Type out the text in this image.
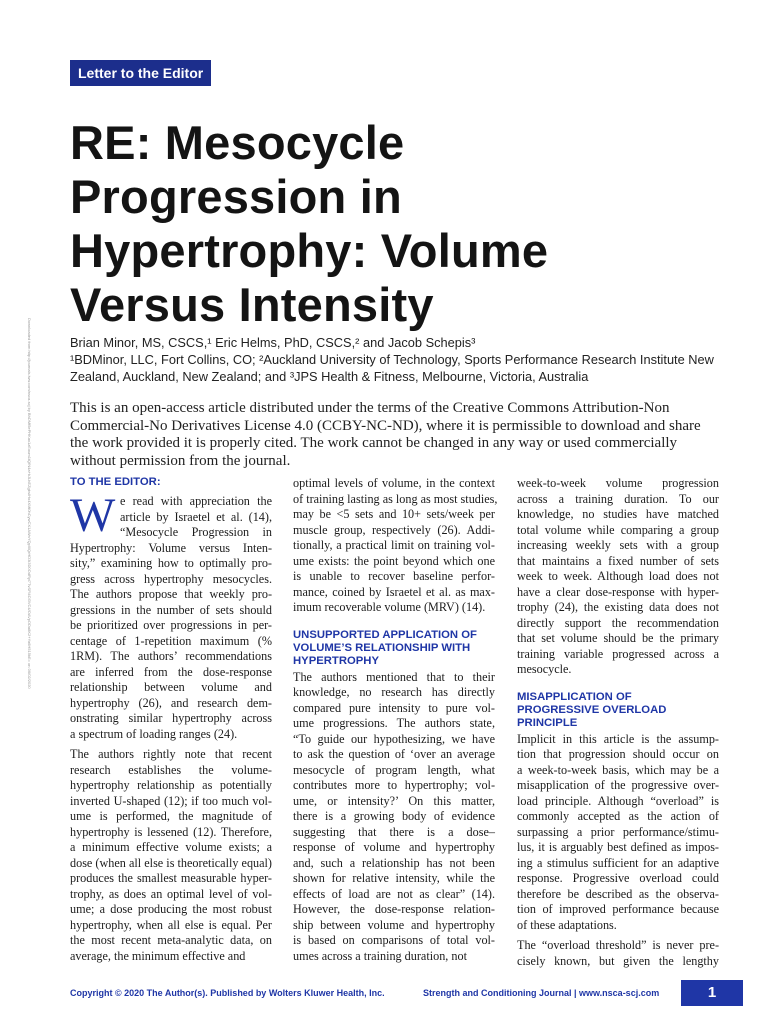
Letter to the Editor
RE: Mesocycle
Progression in
Hypertrophy: Volume
Versus Intensity
Downloaded from http://journals.lww.com/nsca-scj by BhDMf5ePHKav1zEoum1tQfN4a+kJLhEZgbsIHo4XMi0hCywCX1AWnYQp/IlQrHD3i3D0OdRyi7TvSFl4Cf3VC4/OAVpDDa8K2+Ya6H515kE= on 06/02/2020	Brian Minor, MS, CSCS,¹ Eric Helms, PhD, CSCS,² and Jacob Schepis³
¹BDMinor, LLC, Fort Collins, CO; ²Auckland University of Technology, Sports Performance Research Institute New
Zealand, Auckland, New Zealand; and ³JPS Health & Fitness, Melbourne, Victoria, Australia
This is an open-access article distributed under the terms of the Creative Commons Attribution-Non
Commercial-No Derivatives License 4.0 (CCBY-NC-ND), where it is permissible to download and share
the work provided it is properly cited. The work cannot be changed in any way or used commercially
without permission from the journal.
TO THE EDITOR:
W e read with appreciation the
article by Israetel et al. (14),
“Mesocycle Progression in
Hypertrophy: Volume versus Inten-
sity,” examining how to optimally pro-
gress across hypertrophy mesocycles.
The authors propose that weekly pro-
gressions in the number of sets should
be prioritized over progressions in per-
centage of 1-repetition maximum (%
1RM). The authors’ recommendations
are inferred from the dose-response
relationship between volume and
hypertrophy (26), and research dem-
onstrating similar hypertrophy across
a spectrum of loading ranges (24).
The authors rightly note that recent
research establishes the volume-
hypertrophy relationship as potentially
inverted U-shaped (12); if too much vol-
ume is performed, the magnitude of
hypertrophy is lessened (12). Therefore,
a minimum effective volume exists; a
dose (when all else is theoretically equal)
produces the smallest measurable hyper-
trophy, as does an optimal level of vol-
ume; a dose producing the most robust
hypertrophy, when all else is equal. Per
the most recent meta-analytic data, on
average, the minimum effective and
optimal levels of volume, in the context
of training lasting as long as most studies,
may be <5 sets and 10+ sets/week per
muscle group, respectively (26). Addi-
tionally, a practical limit on training vol-
ume exists: the point beyond which one
is unable to recover baseline perfor-
mance, coined by Israetel et al. as max-
imum recoverable volume (MRV) (14).
UNSUPPORTED APPLICATION OF
VOLUME’S RELATIONSHIP WITH
HYPERTROPHY
The authors mentioned that to their
knowledge, no research has directly
compared pure intensity to pure vol-
ume progressions. The authors state,
“To guide our hypothesizing, we have
to ask the question of ‘over an average
mesocycle of program length, what
contributes more to hypertrophy; vol-
ume, or intensity?’ On this matter,
there is a growing body of evidence
suggesting that there is a dose–
response of volume and hypertrophy
and, such a relationship has not been
shown for relative intensity, while the
effects of load are not as clear” (14).
However, the dose-response relation-
ship between volume and hypertrophy
is based on comparisons of total vol-
umes across a training duration, not
week-to-week volume progression
across a training duration. To our
knowledge, no studies have matched
total volume while comparing a group
increasing weekly sets with a group
that maintains a fixed number of sets
week to week. Although load does not
have a clear dose-response with hyper-
trophy (24), the existing data does not
directly support the recommendation
that set volume should be the primary
training variable progressed across a
mesocycle.
MISAPPLICATION OF
PROGRESSIVE OVERLOAD
PRINCIPLE
Implicit in this article is the assump-
tion that progression should occur on
a week-to-week basis, which may be a
misapplication of the progressive over-
load principle. Although “overload” is
commonly accepted as the action of
surpassing a prior performance/stimu-
lus, it is arguably best defined as impos-
ing a stimulus sufficient for an adaptive
response. Progressive overload could
therefore be described as the observa-
tion of improved performance because
of these adaptations.
The “overload threshold” is never pre-
cisely known, but given the lengthy
Copyright © 2020 The Author(s). Published by Wolters Kluwer Health, Inc.	Strength and Conditioning Journal | www.nsca-scj.com	1
